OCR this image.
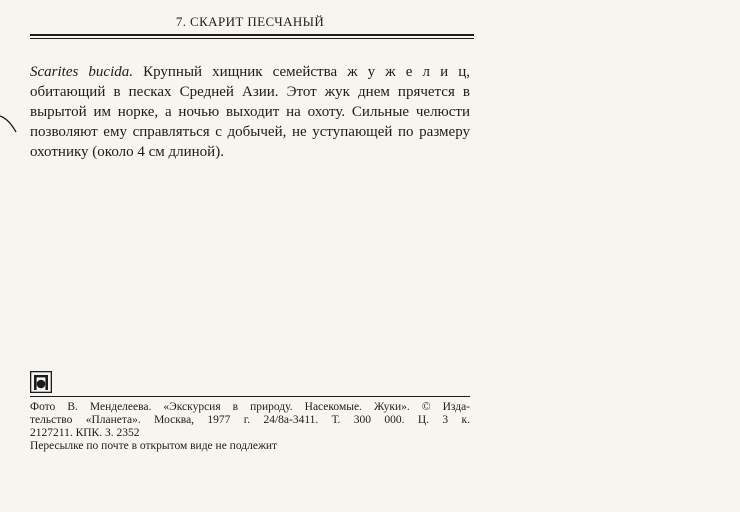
7. СКАРИТ ПЕСЧАНЫЙ
Scarites bucida. Крупный хищник семейства ж у ж е л и ц, обитающий в песках Средней Азии. Этот жук днем прячется в вырытой им норке, а ночью выходит на охоту. Сильные челюсти позволяют ему справляться с добычей, не уступающей по размеру охотнику (около 4 см длиной).
Фото В. Менделеева. «Экскурсия в природу. Насекомые. Жуки». © Изда-
тельство «Планета». Москва, 1977 г. 24/8а-3411. Т. 300 000. Ц. 3 к.
2127211. КПК. З. 2352
Пересылке по почте в открытом виде не подлежит
